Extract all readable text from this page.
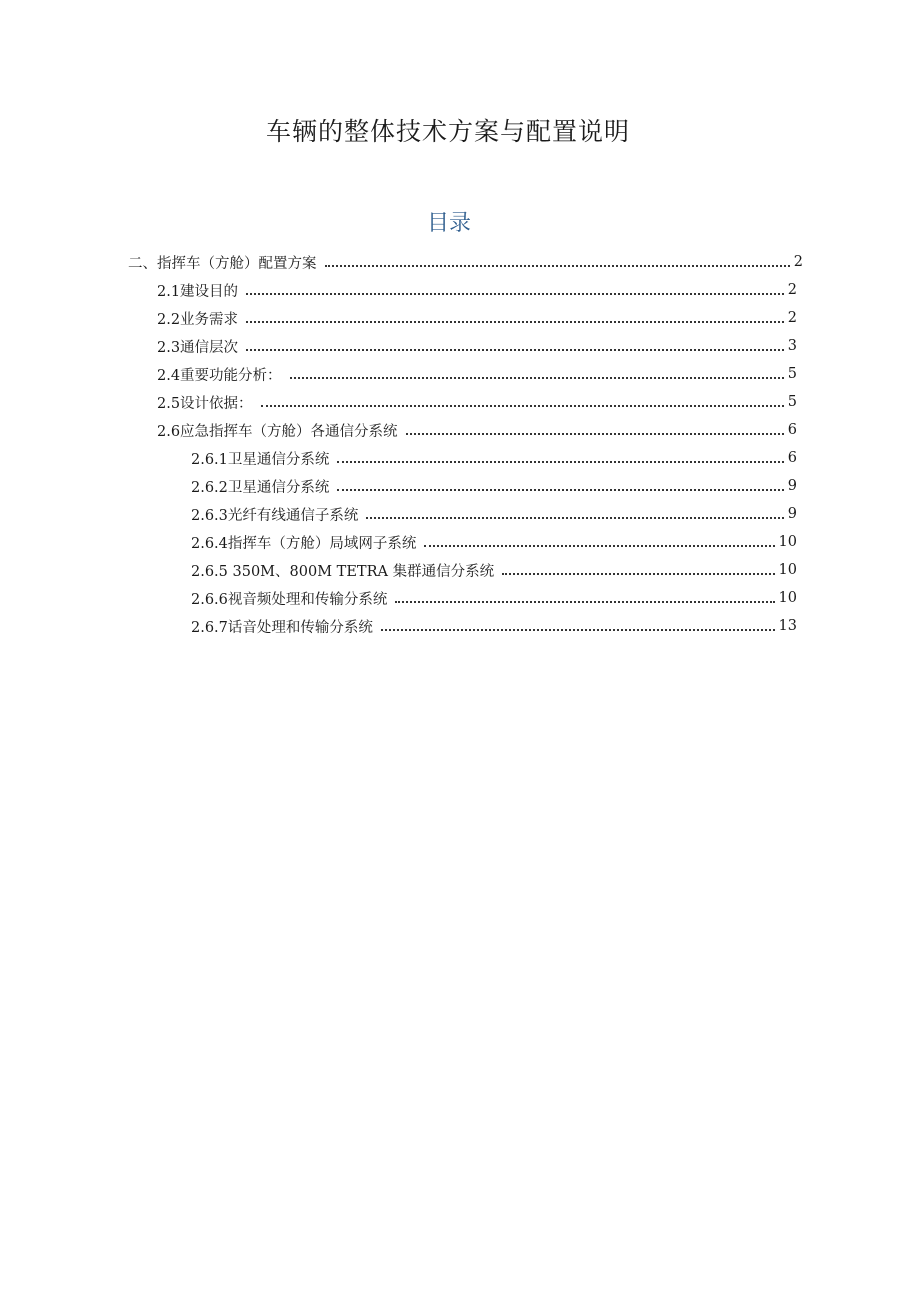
车辆的整体技术方案与配置说明
目录
二、指挥车（方舱）配置方案	2
2.1建设目的	2
2.2业务需求	2
2.3通信层次	3
2.4重要功能分析：	5
2.5设计依据：	5
2.6应急指挥车（方舱）各通信分系统	6
2.6.1卫星通信分系统	6
2.6.2卫星通信分系统	9
2.6.3光纤有线通信子系统	9
2.6.4指挥车（方舱）局域网子系统	10
2.6.5 350M、800M TETRA 集群通信分系统	10
2.6.6视音频处理和传输分系统	10
2.6.7话音处理和传输分系统	13
